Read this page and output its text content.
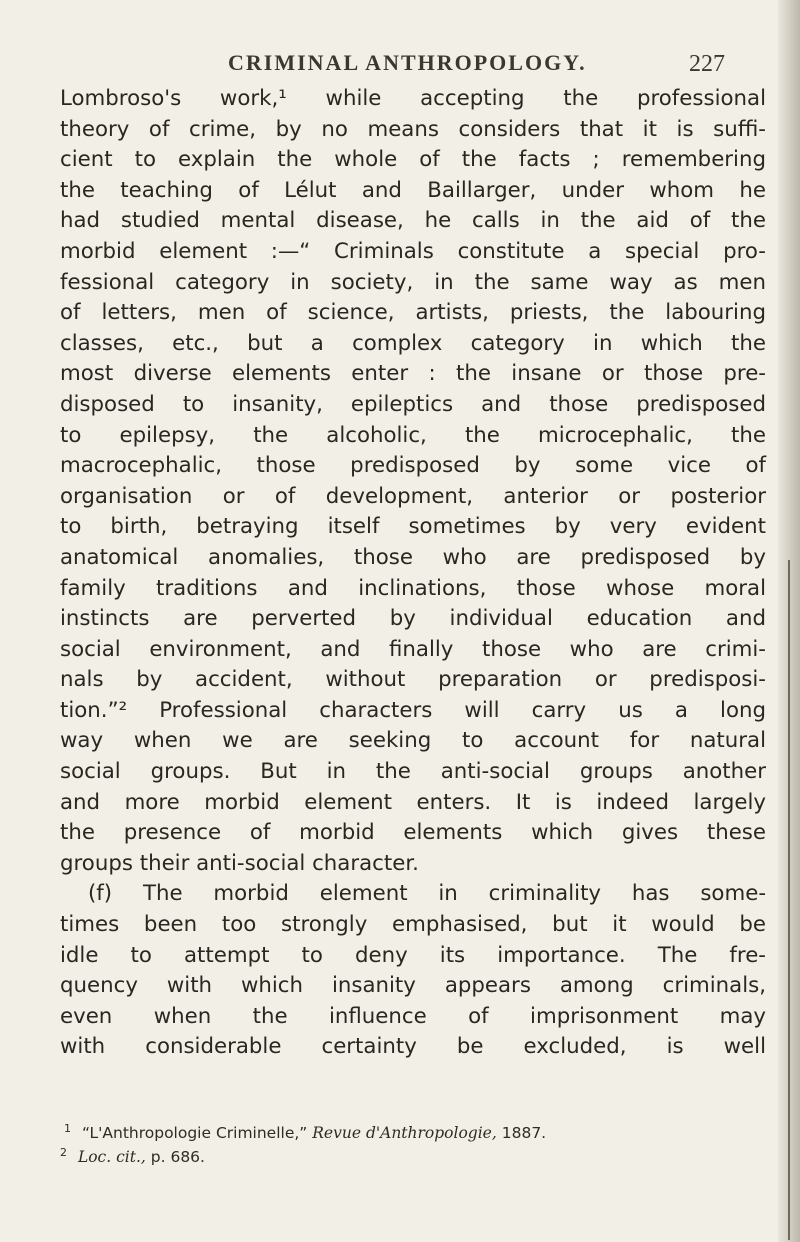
CRIMINAL ANTHROPOLOGY.	227
Lombroso's work,¹ while accepting the professional
theory of crime, by no means considers that it is suffi-
cient to explain the whole of the facts ; remembering
the teaching of Lélut and Baillarger, under whom he
had studied mental disease, he calls in the aid of the
morbid element :—“ Criminals constitute a special pro-
fessional category in society, in the same way as men
of letters, men of science, artists, priests, the labouring
classes, etc., but a complex category in which the
most diverse elements enter : the insane or those pre-
disposed to insanity, epileptics and those predisposed
to epilepsy, the alcoholic, the microcephalic, the
macrocephalic, those predisposed by some vice of
organisation or of development, anterior or posterior
to birth, betraying itself sometimes by very evident
anatomical anomalies, those who are predisposed by
family traditions and inclinations, those whose moral
instincts are perverted by individual education and
social environment, and finally those who are crimi-
nals by accident, without preparation or predisposi-
tion.”² Professional characters will carry us a long
way when we are seeking to account for natural
social groups. But in the anti-social groups another
and more morbid element enters. It is indeed largely
the presence of morbid elements which gives these
groups their anti-social character.
(f) The morbid element in criminality has some-
times been too strongly emphasised, but it would be
idle to attempt to deny its importance. The fre-
quency with which insanity appears among criminals,
even when the influence of imprisonment may
with considerable certainty be excluded, is well
$^1$ “L'Anthropologie Criminelle,” Revue d'Anthropologie, 1887.
$^2$ Loc. cit., p. 686.
